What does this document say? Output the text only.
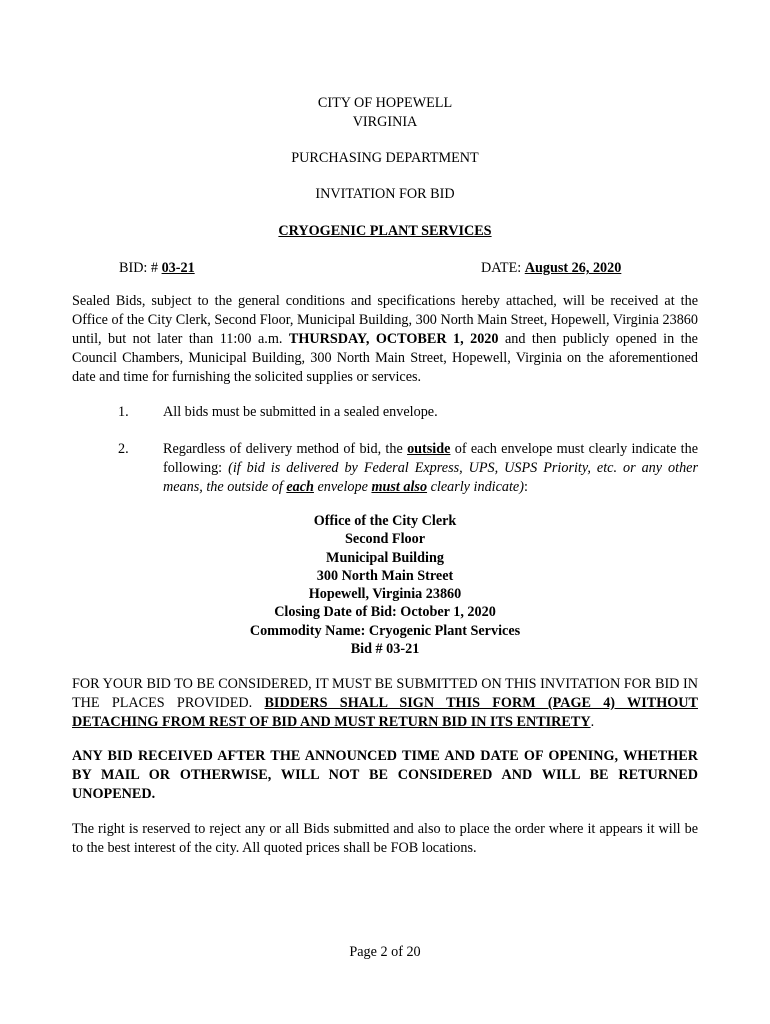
CITY OF HOPEWELL
VIRGINIA
PURCHASING DEPARTMENT
INVITATION FOR BID
CRYOGENIC PLANT SERVICES
BID: # 03-21	DATE: August 26, 2020
Sealed Bids, subject to the general conditions and specifications hereby attached, will be received at the Office of the City Clerk, Second Floor, Municipal Building, 300 North Main Street, Hopewell, Virginia 23860 until, but not later than 11:00 a.m. THURSDAY, OCTOBER 1, 2020 and then publicly opened in the Council Chambers, Municipal Building, 300 North Main Street, Hopewell, Virginia on the aforementioned date and time for furnishing the solicited supplies or services.
1. All bids must be submitted in a sealed envelope.
2. Regardless of delivery method of bid, the outside of each envelope must clearly indicate the following: (if bid is delivered by Federal Express, UPS, USPS Priority, etc. or any other means, the outside of each envelope must also clearly indicate):
Office of the City Clerk
Second Floor
Municipal Building
300 North Main Street
Hopewell, Virginia 23860
Closing Date of Bid: October 1, 2020
Commodity Name: Cryogenic Plant Services
Bid # 03-21
FOR YOUR BID TO BE CONSIDERED, IT MUST BE SUBMITTED ON THIS INVITATION FOR BID IN THE PLACES PROVIDED. BIDDERS SHALL SIGN THIS FORM (PAGE 4) WITHOUT DETACHING FROM REST OF BID AND MUST RETURN BID IN ITS ENTIRETY.
ANY BID RECEIVED AFTER THE ANNOUNCED TIME AND DATE OF OPENING, WHETHER BY MAIL OR OTHERWISE, WILL NOT BE CONSIDERED AND WILL BE RETURNED UNOPENED.
The right is reserved to reject any or all Bids submitted and also to place the order where it appears it will be to the best interest of the city. All quoted prices shall be FOB locations.
Page 2 of 20
